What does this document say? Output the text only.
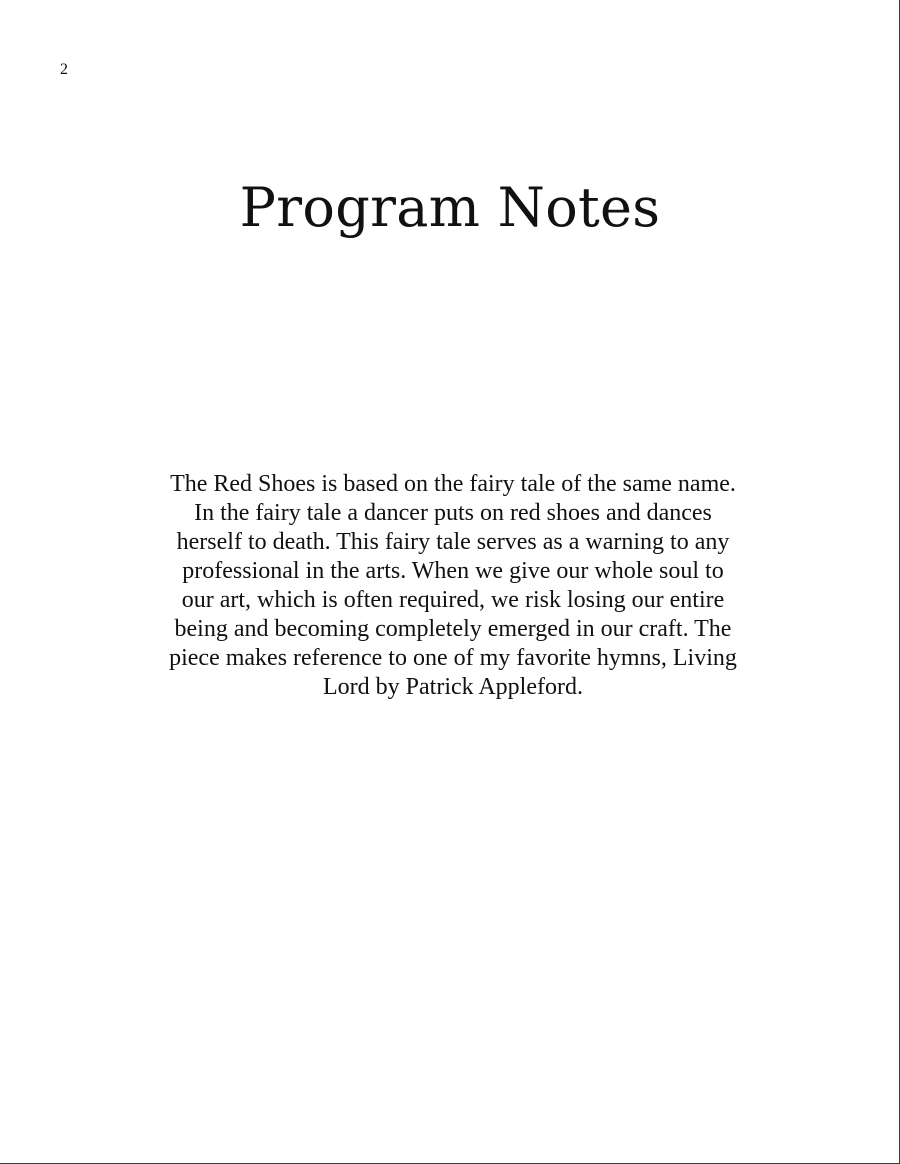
2
Program Notes

The Red Shoes is based on the fairy tale of the same name.
In the fairy tale a dancer puts on red shoes and dances
herself to death. This fairy tale serves as a warning to any
professional in the arts. When we give our whole soul to
our art, which is often required, we risk losing our entire
being and becoming completely emerged in our craft. The
piece makes reference to one of my favorite hymns, Living
Lord by Patrick Appleford.
